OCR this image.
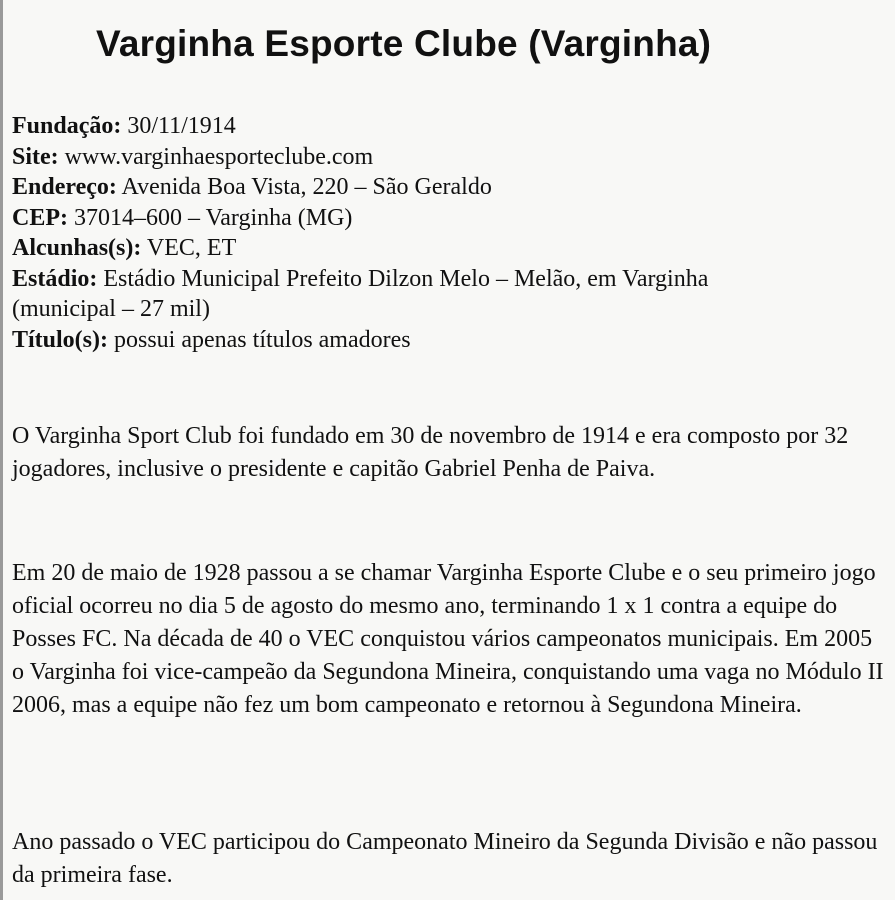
Varginha Esporte Clube (Varginha)
Fundação: 30/11/1914
Site: www.varginhaesporteclube.com
Endereço: Avenida Boa Vista, 220 – São Geraldo
CEP: 37014–600 – Varginha (MG)
Alcunhas(s): VEC, ET
Estádio: Estádio Municipal Prefeito Dilzon Melo – Melão, em Varginha (municipal – 27 mil)
Título(s): possui apenas títulos amadores

O Varginha Sport Club foi fundado em 30 de novembro de 1914 e era composto por 32 jogadores, inclusive o presidente e capitão Gabriel Penha de Paiva.

Em 20 de maio de 1928 passou a se chamar Varginha Esporte Clube e o seu primeiro jogo oficial ocorreu no dia 5 de agosto do mesmo ano, terminando 1 x 1 contra a equipe do Posses FC. Na década de 40 o VEC conquistou vários campeonatos municipais. Em 2005 o Varginha foi vice-campeão da Segundona Mineira, conquistando uma vaga no Módulo II 2006, mas a equipe não fez um bom campeonato e retornou à Segundona Mineira.

Ano passado o VEC participou do Campeonato Mineiro da Segunda Divisão e não passou da primeira fase.
